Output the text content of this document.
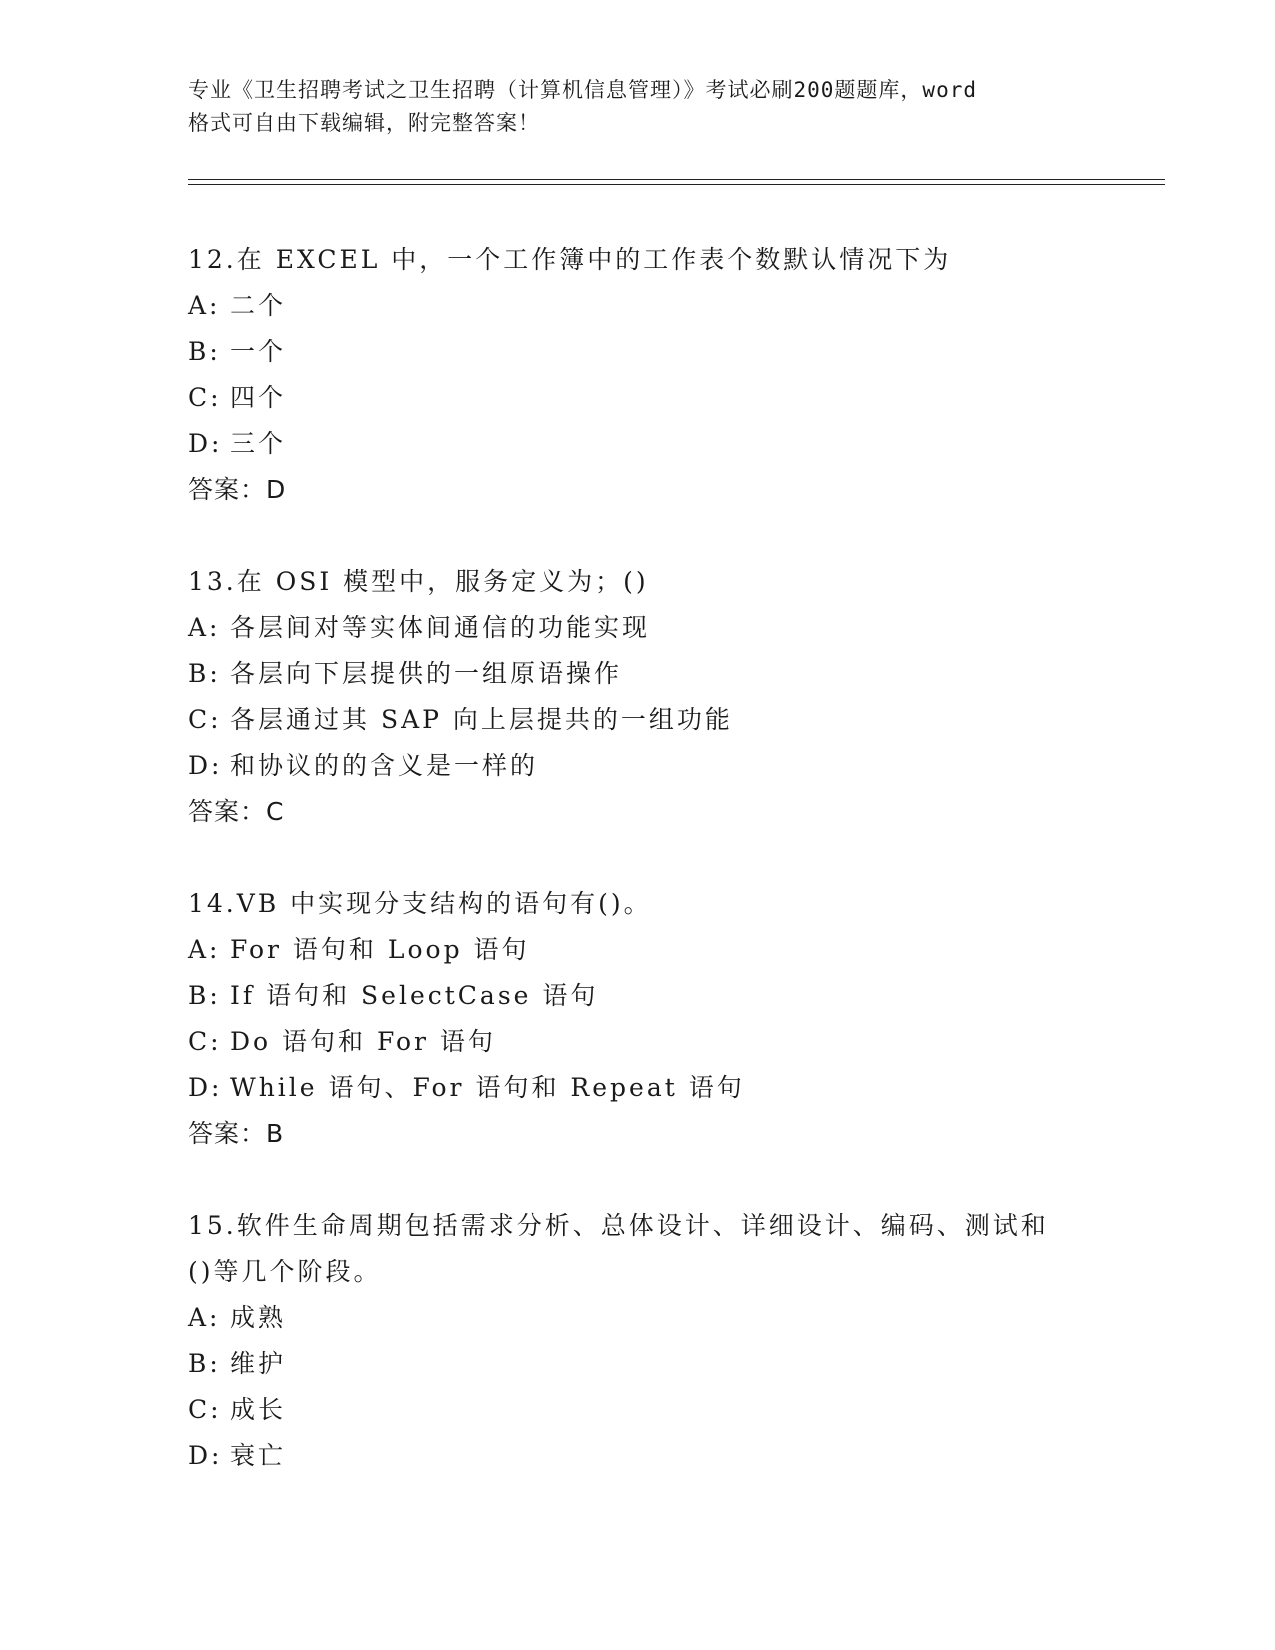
专业《卫生招聘考试之卫生招聘（计算机信息管理）》考试必刷200题题库，word
格式可自由下载编辑，附完整答案！
12.在 EXCEL 中，一个工作簿中的工作表个数默认情况下为
A: 二个
B: 一个
C: 四个
D: 三个
答案：D
13.在 OSI 模型中，服务定义为；()
A: 各层间对等实体间通信的功能实现
B: 各层向下层提供的一组原语操作
C: 各层通过其 SAP 向上层提共的一组功能
D: 和协议的的含义是一样的
答案：C
14.VB 中实现分支结构的语句有()。
A: For 语句和 Loop 语句
B: If 语句和 SelectCase 语句
C: Do 语句和 For 语句
D: While 语句、For 语句和 Repeat 语句
答案：B
15.软件生命周期包括需求分析、总体设计、详细设计、编码、测试和()等几个阶段。
A: 成熟
B: 维护
C: 成长
D: 衰亡
